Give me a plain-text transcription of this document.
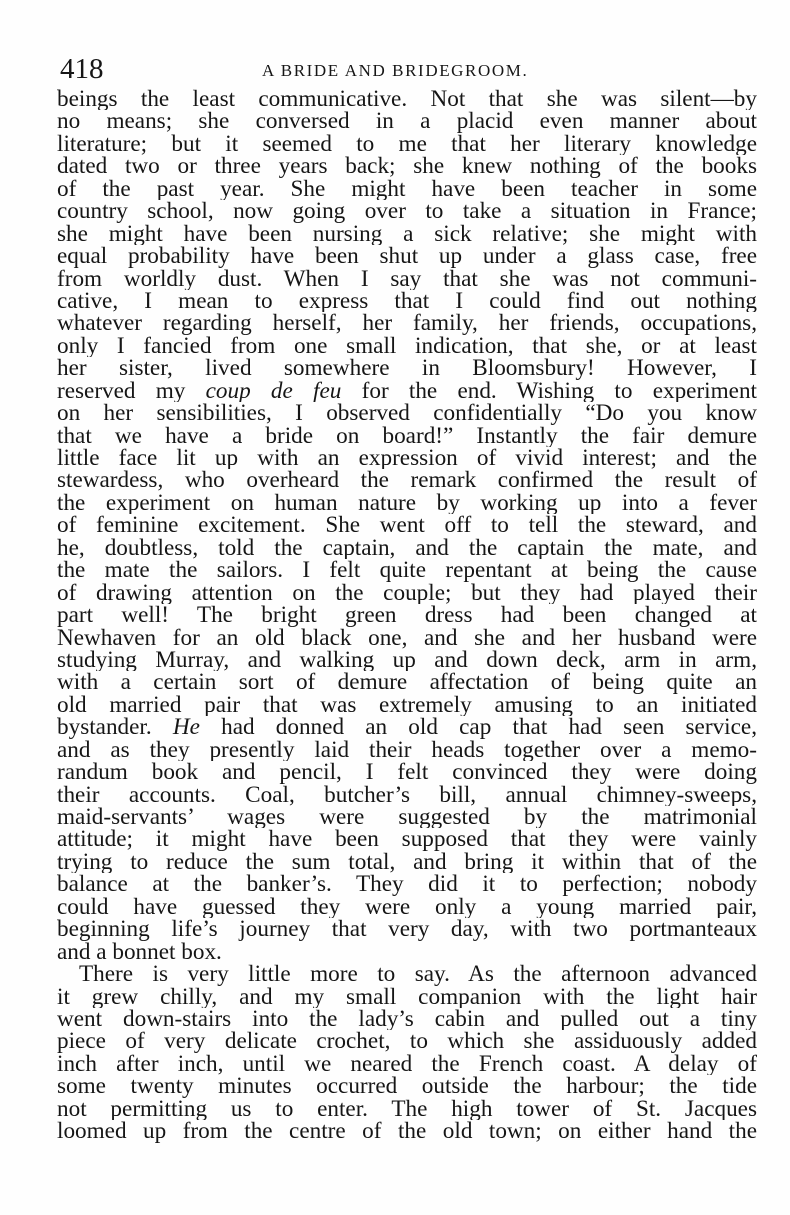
418	A BRIDE AND BRIDEGROOM.
beings the least communicative. Not that she was silent—by
no means; she conversed in a placid even manner about
literature; but it seemed to me that her literary knowledge
dated two or three years back; she knew nothing of the books
of the past year. She might have been teacher in some
country school, now going over to take a situation in France;
she might have been nursing a sick relative; she might with
equal probability have been shut up under a glass case, free
from worldly dust. When I say that she was not communi-
cative, I mean to express that I could find out nothing
whatever regarding herself, her family, her friends, occupations,
only I fancied from one small indication, that she, or at least
her sister, lived somewhere in Bloomsbury! However, I
reserved my coup de feu for the end. Wishing to experiment
on her sensibilities, I observed confidentially “Do you know
that we have a bride on board!” Instantly the fair demure
little face lit up with an expression of vivid interest; and the
stewardess, who overheard the remark confirmed the result of
the experiment on human nature by working up into a fever
of feminine excitement. She went off to tell the steward, and
he, doubtless, told the captain, and the captain the mate, and
the mate the sailors. I felt quite repentant at being the cause
of drawing attention on the couple; but they had played their
part well! The bright green dress had been changed at
Newhaven for an old black one, and she and her husband were
studying Murray, and walking up and down deck, arm in arm,
with a certain sort of demure affectation of being quite an
old married pair that was extremely amusing to an initiated
bystander. He had donned an old cap that had seen service,
and as they presently laid their heads together over a memo-
randum book and pencil, I felt convinced they were doing
their accounts. Coal, butcher’s bill, annual chimney-sweeps,
maid-servants’ wages were suggested by the matrimonial
attitude; it might have been supposed that they were vainly
trying to reduce the sum total, and bring it within that of the
balance at the banker’s. They did it to perfection; nobody
could have guessed they were only a young married pair,
beginning life’s journey that very day, with two portmanteaux
and a bonnet box.
There is very little more to say. As the afternoon advanced
it grew chilly, and my small companion with the light hair
went down-stairs into the lady’s cabin and pulled out a tiny
piece of very delicate crochet, to which she assiduously added
inch after inch, until we neared the French coast. A delay of
some twenty minutes occurred outside the harbour; the tide
not permitting us to enter. The high tower of St. Jacques
loomed up from the centre of the old town; on either hand the
